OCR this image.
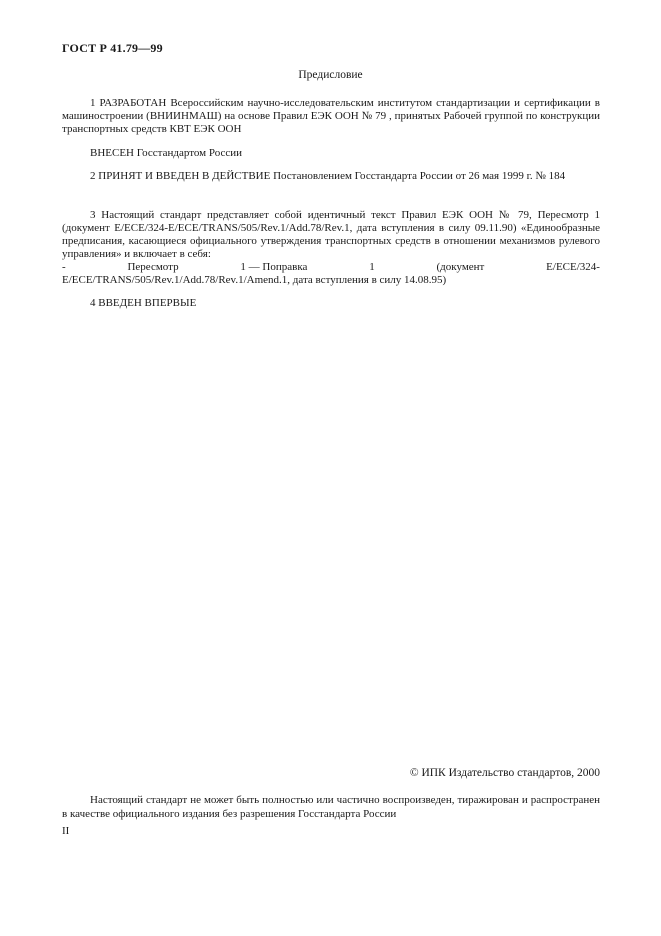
ГОСТ Р 41.79—99
Предисловие
1 РАЗРАБОТАН Всероссийским научно-исследовательским институтом стандартизации и сертификации в машиностроении (ВНИИНМАШ) на основе Правил ЕЭК ООН № 79 , принятых Рабочей группой по конструкции транспортных средств КВТ ЕЭК ООН
ВНЕСЕН Госстандартом России
2 ПРИНЯТ И ВВЕДЕН В ДЕЙСТВИЕ Постановлением Госстандарта России от 26 мая 1999 г. № 184
3 Настоящий стандарт представляет собой идентичный текст Правил ЕЭК ООН № 79, Пересмотр 1 (документ E/ECE/324-E/ECE/TRANS/505/Rev.1/Add.78/Rev.1, дата вступления в силу 09.11.90) «Единообразные предписания, касающиеся официального утверждения транспортных средств в отношении механизмов рулевого управления» и включает в себя:
-	Пересмотр	1 — Поправка	1	(документ	E/ECE/324-
E/ECE/TRANS/505/Rev.1/Add.78/Rev.1/Amend.1, дата вступления в силу 14.08.95)
4 ВВЕДЕН ВПЕРВЫЕ
© ИПК Издательство стандартов, 2000
Настоящий стандарт не может быть полностью или частично воспроизведен, тиражирован и распространен в качестве официального издания без разрешения Госстандарта России
II
